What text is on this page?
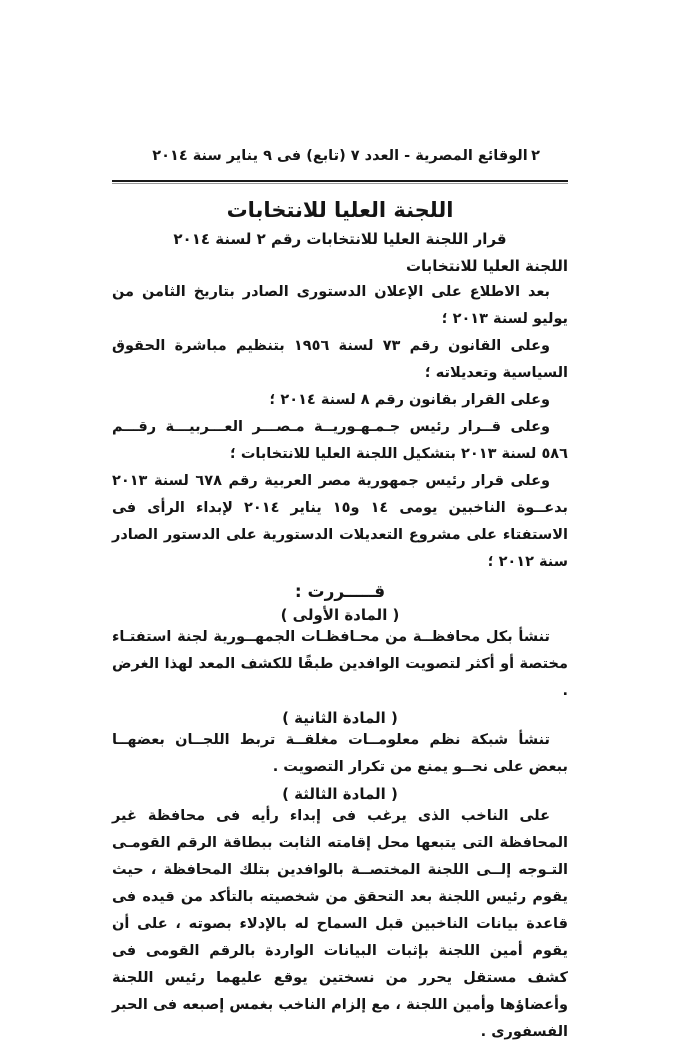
الوقائع المصرية - العدد ٧ (تابع) فى ٩ يناير سنة ٢٠١٤ ٢
اللجنة العليا للانتخابات
قرار اللجنة العليا للانتخابات رقم ٢ لسنة ٢٠١٤

اللجنة العليا للانتخابات

بعد الاطلاع على الإعلان الدستورى الصادر بتاريخ الثامن من يوليو لسنة ٢٠١٣ ؛

وعلى القانون رقم ٧٣ لسنة ١٩٥٦ بتنظيم مباشرة الحقوق السياسية وتعديلاته ؛

وعلى القرار بقانون رقم ٨ لسنة ٢٠١٤ ؛

وعلى قــرار رئيس جـمـهـوريــة مـصـــر العـــربيـــة رقـــم ٥٨٦ لسنة ٢٠١٣ بتشكيل اللجنة العليا للانتخابات ؛

وعلى قرار رئيس جمهورية مصر العربية رقم ٦٧٨ لسنة ٢٠١٣ بدعــوة الناخبين يومى ١٤ و١٥ يناير ٢٠١٤ لإبداء الرأى فى الاستفتاء على مشروع التعديلات الدستورية على الدستور الصادر سنة ٢٠١٢ ؛

قـــــررت :

( المادة الأولى )

تنشأ بكل محافظــة من محـافظـات الجمهــورية لجنة استفتـاء مختصة أو أكثر لتصويت الوافدين طبقًا للكشف المعد لهذا الغرض .

( المادة الثانية )

تنشأ شبكة نظم معلومــات مغلقــة تربط اللجــان بعضهــا ببعض على نحــو يمنع من تكرار التصويت .

( المادة الثالثة )

على الناخب الذى يرغب فى إبداء رأيه فى محافظة غير المحافظة التى يتبعها محل إقامته الثابت ببطاقة الرقم القومـى التـوجه إلــى اللجنة المختصــة بالوافدين بتلك المحافظة ، حيث يقوم رئيس اللجنة بعد التحقق من شخصيته بالتأكد من قيده فى قاعدة بيانات الناخبين قبل السماح له بالإدلاء بصوته ، على أن يقوم أمين اللجنة بإثبات البيانات الواردة بالرقم القومى فى كشف مستقل يحرر من نسختين يوقع عليهما رئيس اللجنة وأعضاؤها وأمين اللجنة ، مع إلزام الناخب بغمس إصبعه فى الحبر الفسفورى .
